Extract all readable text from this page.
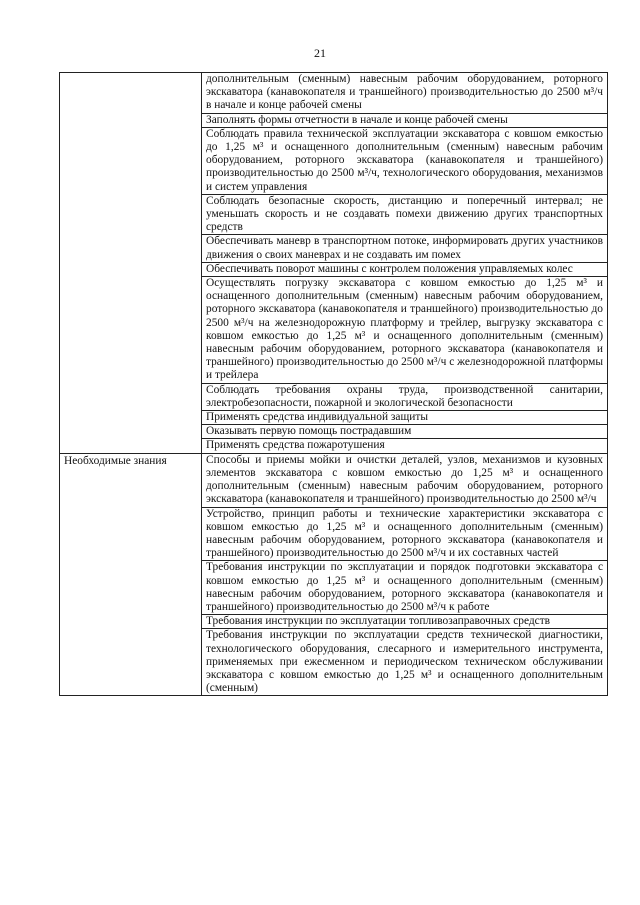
21
	дополнительным (сменным) навесным рабочим оборудованием, роторного экскаватора (канавокопателя и траншейного) производительностью до 2500 м³/ч в начале и конце рабочей смены
	Заполнять формы отчетности в начале и конце рабочей смены
	Соблюдать правила технической эксплуатации экскаватора с ковшом емкостью до 1,25 м³ и оснащенного дополнительным (сменным) навесным рабочим оборудованием, роторного экскаватора (канавокопателя и траншейного) производительностью до 2500 м³/ч, технологического оборудования, механизмов и систем управления
	Соблюдать безопасные скорость, дистанцию и поперечный интервал; не уменьшать скорость и не создавать помехи движению других транспортных средств
	Обеспечивать маневр в транспортном потоке, информировать других участников движения о своих маневрах и не создавать им помех
	Обеспечивать поворот машины с контролем положения управляемых колес
	Осуществлять погрузку экскаватора с ковшом емкостью до 1,25 м³ и оснащенного дополнительным (сменным) навесным рабочим оборудованием, роторного экскаватора (канавокопателя и траншейного) производительностью до 2500 м³/ч на железнодорожную платформу и трейлер, выгрузку экскаватора с ковшом емкостью до 1,25 м³ и оснащенного дополнительным (сменным) навесным рабочим оборудованием, роторного экскаватора (канавокопателя и траншейного) производительностью до 2500 м³/ч с железнодорожной платформы и трейлера
	Соблюдать требования охраны труда, производственной санитарии, электробезопасности, пожарной и экологической безопасности
	Применять средства индивидуальной защиты
	Оказывать первую помощь пострадавшим
	Применять средства пожаротушения

Необходимые знания	Способы и приемы мойки и очистки деталей, узлов, механизмов и кузовных элементов экскаватора с ковшом емкостью до 1,25 м³ и оснащенного дополнительным (сменным) навесным рабочим оборудованием, роторного экскаватора (канавокопателя и траншейного) производительностью до 2500 м³/ч
	Устройство, принцип работы и технические характеристики экскаватора с ковшом емкостью до 1,25 м³ и оснащенного дополнительным (сменным) навесным рабочим оборудованием, роторного экскаватора (канавокопателя и траншейного) производительностью до 2500 м³/ч и их составных частей
	Требования инструкции по эксплуатации и порядок подготовки экскаватора с ковшом емкостью до 1,25 м³ и оснащенного дополнительным (сменным) навесным рабочим оборудованием, роторного экскаватора (канавокопателя и траншейного) производительностью до 2500 м³/ч к работе
	Требования инструкции по эксплуатации топливозаправочных средств
	Требования инструкции по эксплуатации средств технической диагностики, технологического оборудования, слесарного и измерительного инструмента, применяемых при ежесменном и периодическом техническом обслуживании экскаватора с ковшом емкостью до 1,25 м³ и оснащенного дополнительным (сменным)
